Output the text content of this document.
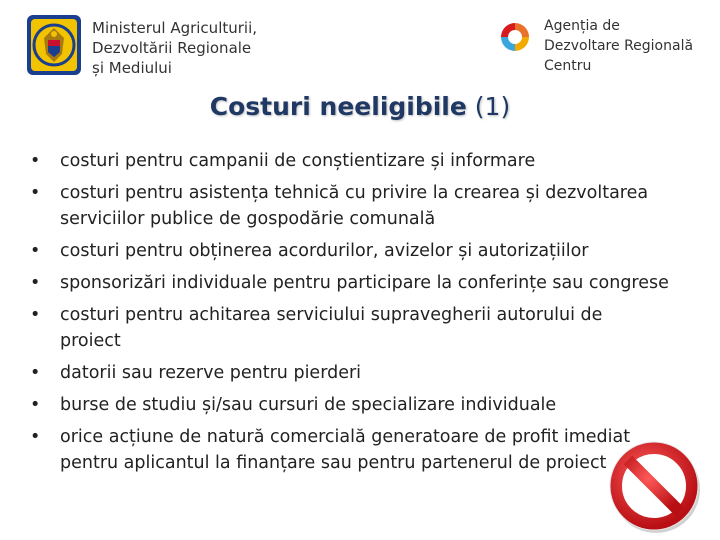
Ministerul Agriculturii,
Dezvoltării Regionale
și Mediului
Agenția de
Dezvoltare Regională
Centru
Costuri neeligibile (1)
• costuri pentru campanii de conștientizare și informare
• costuri pentru asistența tehnică cu privire la crearea și dezvoltarea
serviciilor publice de gospodărie comunală
• costuri pentru obținerea acordurilor, avizelor și autorizațiilor
• sponsorizări individuale pentru participare la conferințe sau congrese
• costuri pentru achitarea serviciului supravegherii autorului de
proiect
• datorii sau rezerve pentru pierderi
• burse de studiu și/sau cursuri de specializare individuale
• orice acțiune de natură comercială generatoare de profit imediat
pentru aplicantul la finanțare sau pentru partenerul de proiect
